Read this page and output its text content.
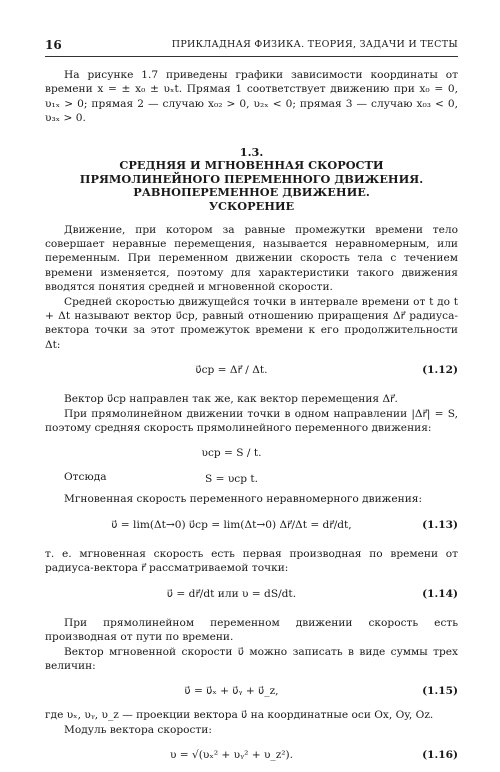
16	ПРИКЛАДНАЯ ФИЗИКА. ТЕОРИЯ, ЗАДАЧИ И ТЕСТЫ

На рисунке 1.7 приведены графики зависимости координаты от времени x = ± x₀ ± υₓt. Прямая 1 соответствует движению при x₀ = 0, υ₁ₓ > 0; прямая 2 — случаю x₀₂ > 0, υ₂ₓ < 0; прямая 3 — случаю x₀₃ < 0, υ₃ₓ > 0.

1.3.
СРЕДНЯЯ И МГНОВЕННАЯ СКОРОСТИ
ПРЯМОЛИНЕЙНОГО ПЕРЕМЕННОГО ДВИЖЕНИЯ.
РАВНОПЕРЕМЕННОЕ ДВИЖЕНИЕ.
УСКОРЕНИЕ

Движение, при котором за равные промежутки времени тело совершает неравные перемещения, называется неравномерным, или переменным. При переменном движении скорость тела с течением времени изменяется, поэтому для характеристики такого движения вводятся понятия средней и мгновенной скорости.

Средней скоростью движущейся точки в интервале времени от t до t + Δt называют вектор υ⃗ср, равный отношению приращения Δr⃗ радиуса-вектора точки за этот промежуток времени к его продолжительности Δt:

υ⃗ср = Δr⃗ / Δt.	(1.12)

Вектор υ⃗ср направлен так же, как вектор перемещения Δr⃗.

При прямолинейном движении точки в одном направлении |Δr⃗| = S, поэтому средняя скорость прямолинейного переменного движения:

υср = S / t.
Отсюда	S = υср t.

Мгновенная скорость переменного неравномерного движения:

υ⃗ = lim(Δt→0) υ⃗ср = lim(Δt→0) Δr⃗/Δt = dr⃗/dt,	(1.13)

т. е. мгновенная скорость есть первая производная по времени от радиуса-вектора r⃗ рассматриваемой точки:

υ⃗ = dr⃗/dt или υ = dS/dt.	(1.14)

При прямолинейном переменном движении скорость есть производная от пути по времени.

Вектор мгновенной скорости υ⃗ можно записать в виде суммы трех величин:

υ⃗ = υ⃗ₓ + υ⃗ᵧ + υ⃗_z,	(1.15)

где υₓ, υᵧ, υ_z — проекции вектора υ⃗ на координатные оси Ox, Oy, Oz.

Модуль вектора скорости:

υ = √(υₓ² + υᵧ² + υ_z²).	(1.16)
